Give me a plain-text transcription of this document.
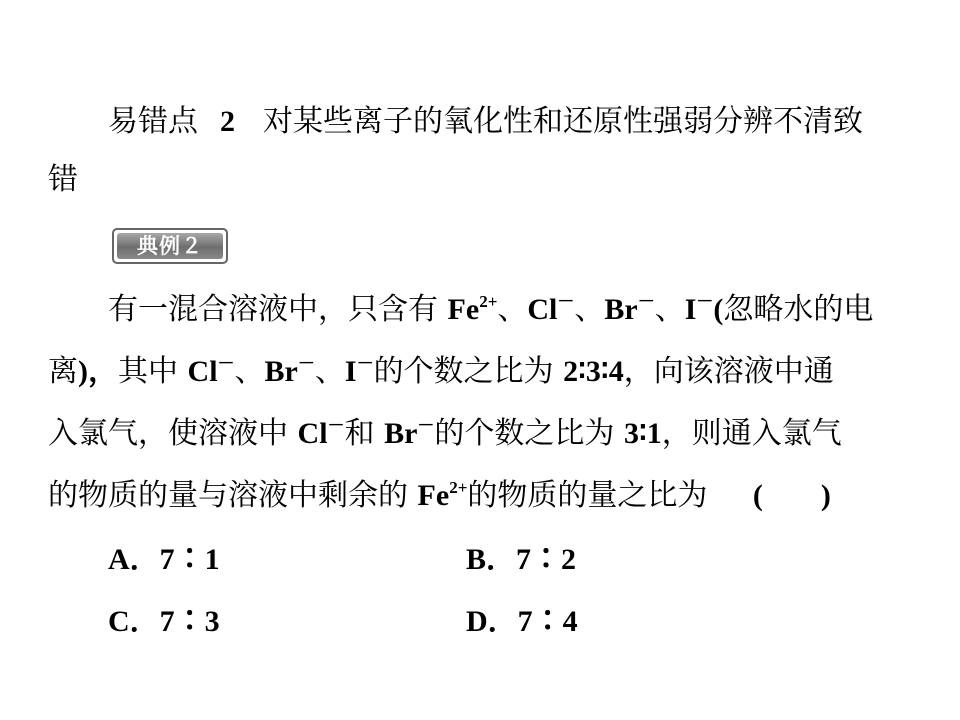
易错点 2 对某些离子的氧化性和还原性强弱分辨不清致
错
典例２
有一混合溶液中，只含有 $Fe^{2+}$、Cl－、Br－、I－(忽略水的电
离)，其中 Cl－、Br－、I－的个数之比为 2∶3∶4，向该溶液中通
入氯气，使溶液中 Cl－和 Br－的个数之比为 3∶1，则通入氯气
的物质的量与溶液中剩余的 $Fe^{2+}$的物质的量之比为 ( )
A．7∶1	B．7∶2
C．7∶3	D．7∶4
